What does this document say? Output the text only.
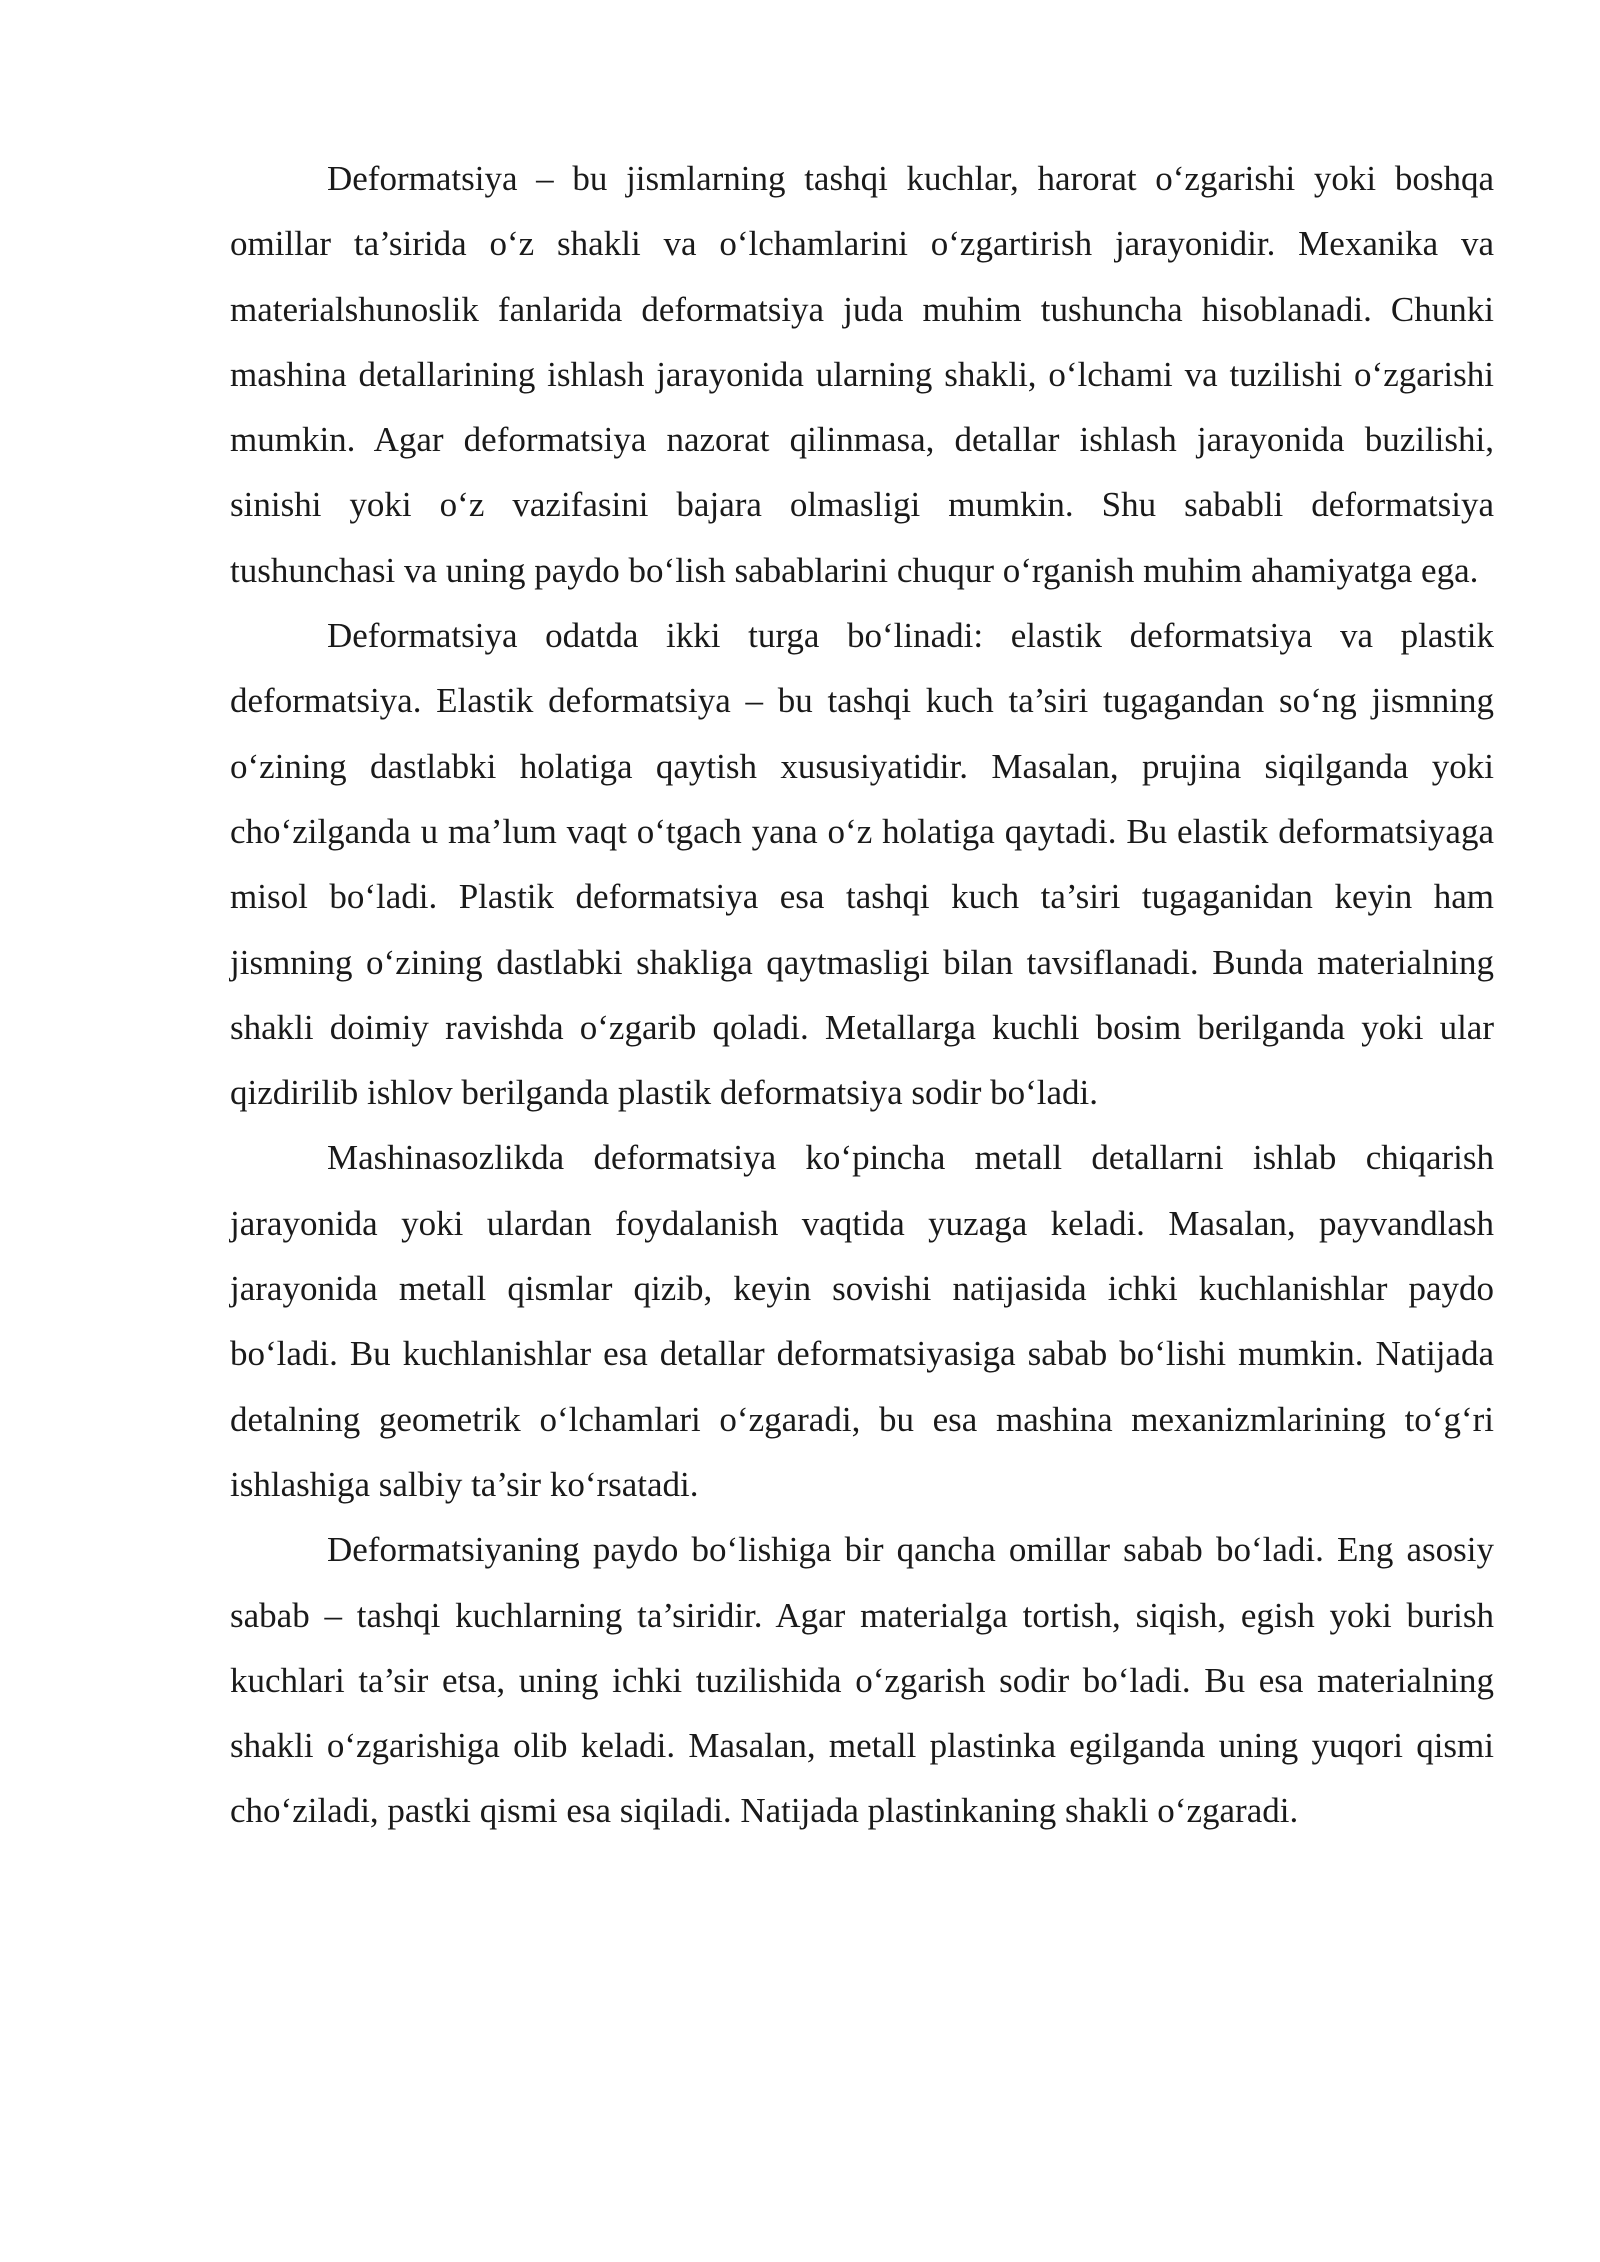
Deformatsiya – bu jismlarning tashqi kuchlar, harorat o‘zgarishi yoki boshqa omillar ta’sirida o‘z shakli va o‘lchamlarini o‘zgartirish jarayonidir. Mexanika va materialshunoslik fanlarida deformatsiya juda muhim tushuncha hisoblanadi. Chunki mashina detallarining ishlash jarayonida ularning shakli, o‘lchami va tuzilishi o‘zgarishi mumkin. Agar deformatsiya nazorat qilinmasa, detallar ishlash jarayonida buzilishi, sinishi yoki o‘z vazifasini bajara olmasligi mumkin. Shu sababli deformatsiya tushunchasi va uning paydo bo‘lish sabablarini chuqur o‘rganish muhim ahamiyatga ega.

Deformatsiya odatda ikki turga bo‘linadi: elastik deformatsiya va plastik deformatsiya. Elastik deformatsiya – bu tashqi kuch ta’siri tugagandan so‘ng jismning o‘zining dastlabki holatiga qaytish xususiyatidir. Masalan, prujina siqilganda yoki cho‘zilganda u ma’lum vaqt o‘tgach yana o‘z holatiga qaytadi. Bu elastik deformatsiyaga misol bo‘ladi. Plastik deformatsiya esa tashqi kuch ta’siri tugaganidan keyin ham jismning o‘zining dastlabki shakliga qaytmasligi bilan tavsiflanadi. Bunda materialning shakli doimiy ravishda o‘zgarib qoladi. Metallarga kuchli bosim berilganda yoki ular qizdirilib ishlov berilganda plastik deformatsiya sodir bo‘ladi.

Mashinasozlikda deformatsiya ko‘pincha metall detallarni ishlab chiqarish jarayonida yoki ulardan foydalanish vaqtida yuzaga keladi. Masalan, payvandlash jarayonida metall qismlar qizib, keyin sovishi natijasida ichki kuchlanishlar paydo bo‘ladi. Bu kuchlanishlar esa detallar deformatsiyasiga sabab bo‘lishi mumkin. Natijada detalning geometrik o‘lchamlari o‘zgaradi, bu esa mashina mexanizmlarining to‘g‘ri ishlashiga salbiy ta’sir ko‘rsatadi.

Deformatsiyaning paydo bo‘lishiga bir qancha omillar sabab bo‘ladi. Eng asosiy sabab – tashqi kuchlarning ta’siridir. Agar materialga tortish, siqish, egish yoki burish kuchlari ta’sir etsa, uning ichki tuzilishida o‘zgarish sodir bo‘ladi. Bu esa materialning shakli o‘zgarishiga olib keladi. Masalan, metall plastinka egilganda uning yuqori qismi cho‘ziladi, pastki qismi esa siqiladi. Natijada plastinkaning shakli o‘zgaradi.
